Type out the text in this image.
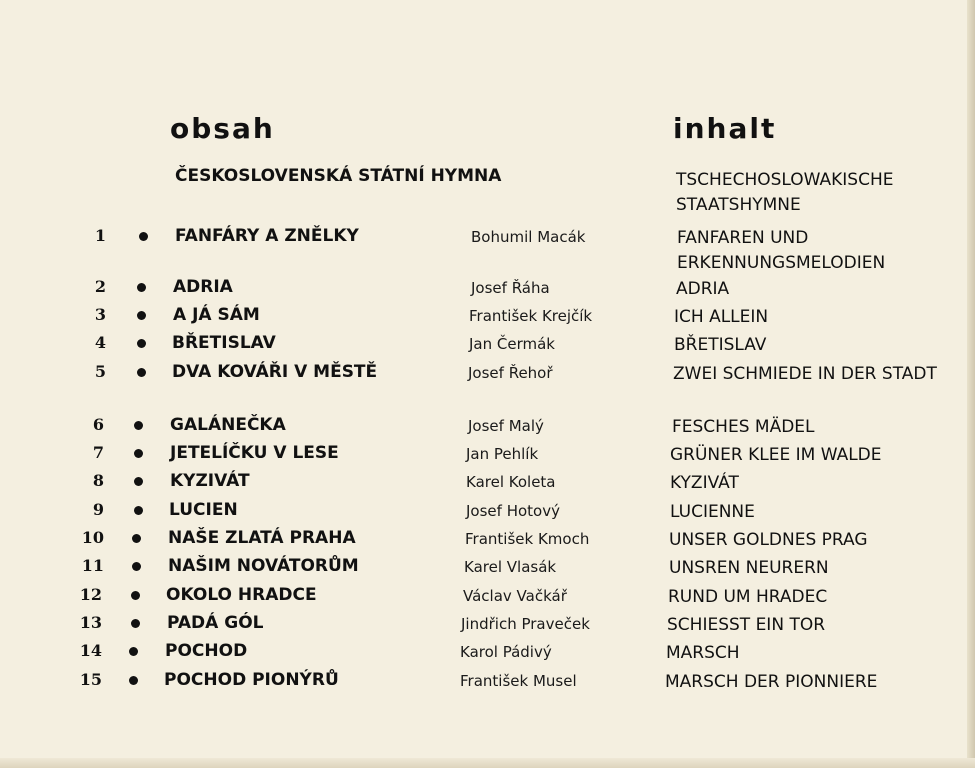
obsah	inhalt
ČESKOSLOVENSKÁ STÁTNÍ HYMNA	TSCHECHOSLOWAKISCHE STAATSHYMNE
1	FANFÁRY A ZNĚLKY	Bohumil Macák	FANFAREN UND ERKENNUNGSMELODIEN
2	ADRIA	Josef Řáha	ADRIA
3	A JÁ SÁM	František Krejčík	ICH ALLEIN
4	BŘETISLAV	Jan Čermák	BŘETISLAV
5	DVA KOVÁŘI V MĚSTĚ	Josef Řehoř	ZWEI SCHMIEDE IN DER STADT
6	GALÁNEČKA	Josef Malý	FESCHES MÄDEL
7	JETELÍČKU V LESE	Jan Pehlík	GRÜNER KLEE IM WALDE
8	KYZIVÁT	Karel Koleta	KYZIVÁT
9	LUCIEN	Josef Hotový	LUCIENNE
10	NAŠE ZLATÁ PRAHA	František Kmoch	UNSER GOLDNES PRAG
11	NAŠIM NOVÁTORŮM	Karel Vlasák	UNSREN NEURERN
12	OKOLO HRADCE	Václav Vačkář	RUND UM HRADEC
13	PADÁ GÓL	Jindřich Praveček	SCHIESST EIN TOR
14	POCHOD	Karol Pádivý	MARSCH
15	POCHOD PIONÝRŮ	František Musel	MARSCH DER PIONNIERE
